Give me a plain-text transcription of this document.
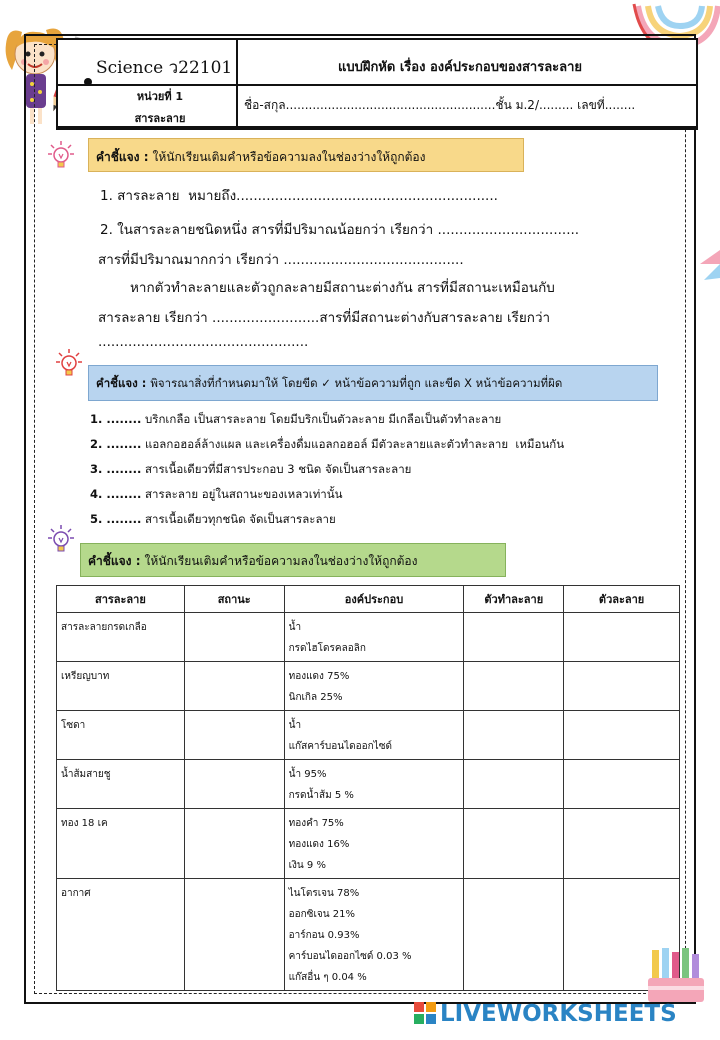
Science ว22101	แบบฝึกหัด เรื่อง องค์ประกอบของสารละลาย
หน่วยที่ 1
สารละลาย
ชื่อ-สกุล.......................................................ชั้น ม.2/......... เลขที่........
คำชี้แจง : ให้นักเรียนเติมคำหรือข้อความลงในช่องว่างให้ถูกต้อง
1. สารละลาย  หมายถึง.............................................................
2. ในสารละลายชนิดหนึ่ง สารที่มีปริมาณน้อยกว่า เรียกว่า .................................
สารที่มีปริมาณมากกว่า เรียกว่า ..........................................
หากตัวทำละลายและตัวถูกละลายมีสถานะต่างกัน สารที่มีสถานะเหมือนกับ
สารละลาย เรียกว่า .........................สารที่มีสถานะต่างกับสารละลาย เรียกว่า
.................................................
คำชี้แจง : พิจารณาสิ่งที่กำหนดมาให้ โดยขีด ✓ หน้าข้อความที่ถูก และขีด X หน้าข้อความที่ผิด
1. ........ บริกเกลือ เป็นสารละลาย โดยมีบริกเป็นตัวละลาย มีเกลือเป็นตัวทำละลาย
2. ........ แอลกอฮอล์ล้างแผล และเครื่องดื่มแอลกอฮอล์ มีตัวละลายและตัวทำละลาย  เหมือนกัน
3. ........ สารเนื้อเดียวที่มีสารประกอบ 3 ชนิด จัดเป็นสารละลาย
4. ........ สารละลาย อยู่ในสถานะของเหลวเท่านั้น
5. ........ สารเนื้อเดียวทุกชนิด จัดเป็นสารละลาย
คำชี้แจง : ให้นักเรียนเติมคำหรือข้อความลงในช่องว่างให้ถูกต้อง
สารละลาย	สถานะ	องค์ประกอบ	ตัวทำละลาย	ตัวละลาย
สารละลายกรดเกลือ		น้ำ
กรดไฮโดรคลอลิก		

เหรียญบาท		ทองแดง 75%
นิกเกิล 25%		

โซดา		น้ำ
แก๊สคาร์บอนไดออกไซด์		

น้ำส้มสายชู		น้ำ 95%
กรดน้ำส้ม 5 %		

ทอง 18 เค		ทองคำ 75%
ทองแดง 16%
เงิน 9 %		

อากาศ		ไนโตรเจน 78%
ออกซิเจน 21%
อาร์กอน 0.93%
คาร์บอนไดออกไซด์ 0.03 %
แก๊สอื่น ๆ 0.04 %		

LIVEWORKSHEETS
